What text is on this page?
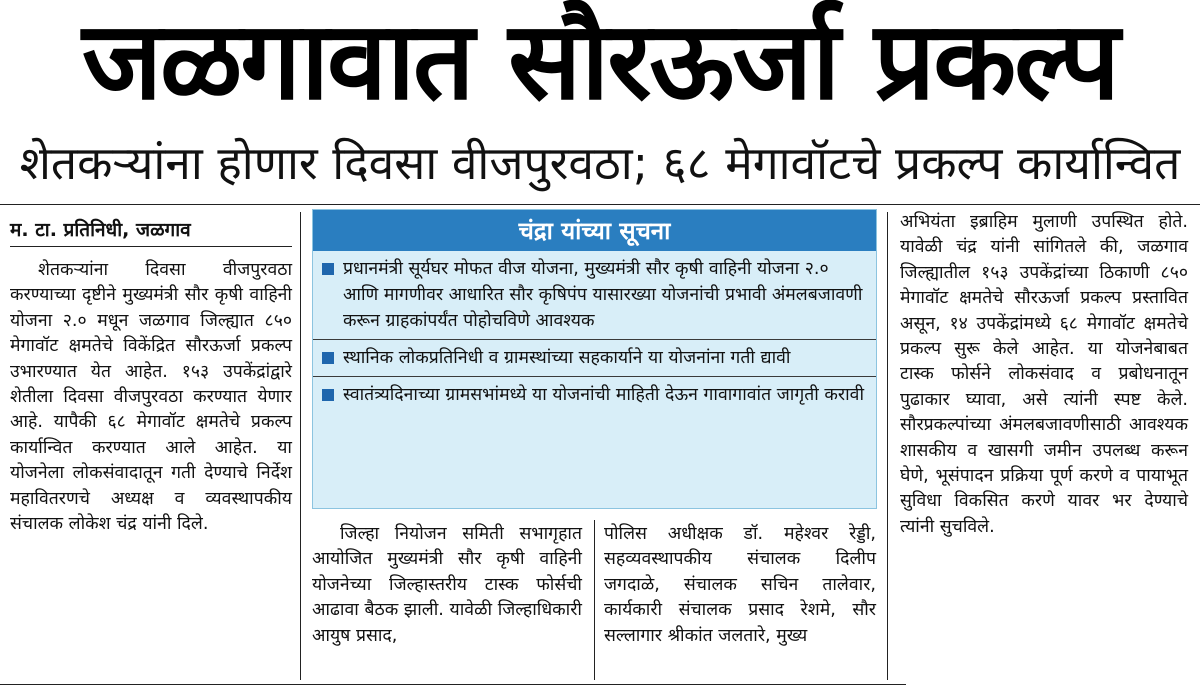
जळगावात सौरऊर्जा प्रकल्प
शेतकऱ्यांना होणार दिवसा वीजपुरवठा; ६८ मेगावॉटचे प्रकल्प कार्यान्वित
म. टा. प्रतिनिधी, जळगाव

शेतकऱ्यांना दिवसा वीजपुरवठा करण्याच्या दृष्टीने मुख्यमंत्री सौर कृषी वाहिनी योजना २.० मधून जळगाव जिल्ह्यात ८५० मेगावॉट क्षमतेचे विकेंद्रित सौरऊर्जा प्रकल्प उभारण्यात येत आहेत. १५३ उपकेंद्रांद्वारे शेतीला दिवसा वीजपुरवठा करण्यात येणार आहे. यापैकी ६८ मेगावॉट क्षमतेचे प्रकल्प कार्यान्वित करण्यात आले आहेत. या योजनेला लोकसंवादातून गती देण्याचे निर्देश महावितरणचे अध्यक्ष व व्यवस्थापकीय संचालक लोकेश चंद्र यांनी दिले.

चंद्रा यांच्या सूचना
प्रधानमंत्री सूर्यघर मोफत वीज योजना, मुख्यमंत्री सौर कृषी वाहिनी योजना २.० आणि मागणीवर आधारित सौर कृषिपंप यासारख्या योजनांची प्रभावी अंमलबजावणी करून ग्राहकांपर्यंत पोहोचविणे आवश्यक
स्थानिक लोकप्रतिनिधी व ग्रामस्थांच्या सहकार्याने या योजनांना गती द्यावी
स्वातंत्र्यदिनाच्या ग्रामसभांमध्ये या योजनांची माहिती देऊन गावागावांत जागृती करावी

जिल्हा नियोजन समिती सभागृहात आयोजित मुख्यमंत्री सौर कृषी वाहिनी योजनेच्या जिल्हास्तरीय टास्क फोर्सची आढावा बैठक झाली. यावेळी जिल्हाधिकारी आयुष प्रसाद,

पोलिस अधीक्षक डॉ. महेश्वर रेड्डी, सहव्यवस्थापकीय संचालक दिलीप जगदाळे, संचालक सचिन तालेवार, कार्यकारी संचालक प्रसाद रेशमे, सौर सल्लागार श्रीकांत जलतारे, मुख्य

अभियंता इब्राहिम मुलाणी उपस्थित होते. यावेळी चंद्र यांनी सांगितले की, जळगाव जिल्ह्यातील १५३ उपकेंद्रांच्या ठिकाणी ८५० मेगावॉट क्षमतेचे सौरऊर्जा प्रकल्प प्रस्तावित असून, १४ उपकेंद्रांमध्ये ६८ मेगावॉट क्षमतेचे प्रकल्प सुरू केले आहेत. या योजनेबाबत टास्क फोर्सने लोकसंवाद व प्रबोधनातून पुढाकार घ्यावा, असे त्यांनी स्पष्ट केले. सौरप्रकल्पांच्या अंमलबजावणीसाठी आवश्यक शासकीय व खासगी जमीन उपलब्ध करून घेणे, भूसंपादन प्रक्रिया पूर्ण करणे व पायाभूत सुविधा विकसित करणे यावर भर देण्याचे त्यांनी सुचविले.
